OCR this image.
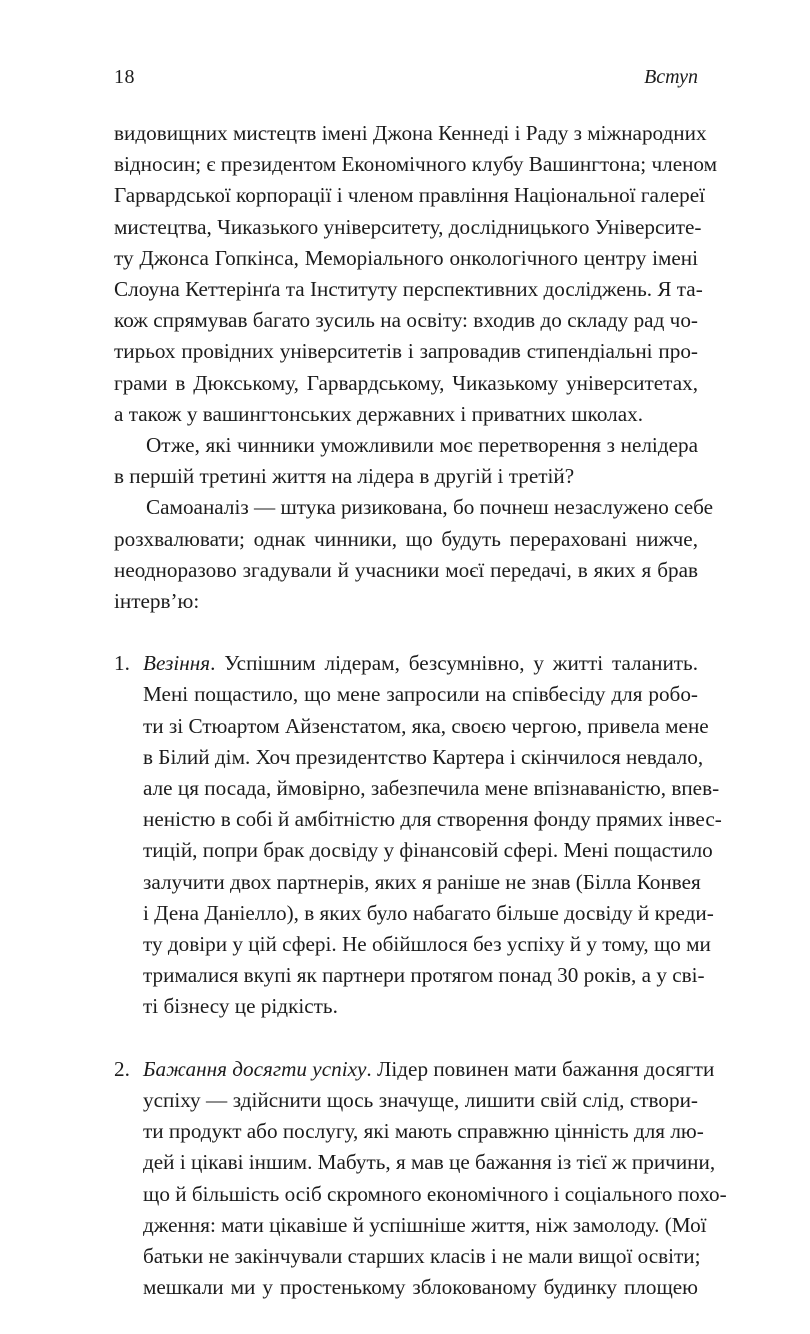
18	Вступ
видовищних мистецтв імені Джона Кеннеді і Раду з міжнародних
відносин; є президентом Економічного клубу Вашингтона; членом
Гарвардської корпорації і членом правління Національної галереї
мистецтва, Чиказького університету, дослідницького Університе-
ту Джонса Гопкінса, Меморіального онкологічного центру імені
Слоуна Кеттерінґа та Інституту перспективних досліджень. Я та-
кож спрямував багато зусиль на освіту: входив до складу рад чо-
тирьох провідних університетів і запровадив стипендіальні про-
грами в Дюкському, Гарвардському, Чиказькому університетах,
а також у вашингтонських державних і приватних школах.
Отже, які чинники уможливили моє перетворення з нелідера
в першій третині життя на лідера в другій і третій?
Самоаналіз — штука ризикована, бо почнеш незаслужено себе
розхвалювати; однак чинники, що будуть перераховані нижче,
неодноразово згадували й учасники моєї передачі, в яких я брав
інтерв’ю:
1. Везіння. Успішним лідерам, безсумнівно, у житті таланить.
Мені пощастило, що мене запросили на співбесіду для робо-
ти зі Стюартом Айзенстатом, яка, своєю чергою, привела мене
в Білий дім. Хоч президентство Картера і скінчилося невдало,
але ця посада, ймовірно, забезпечила мене впізнаваністю, впев-
неністю в собі й амбітністю для створення фонду прямих інвес-
тицій, попри брак досвіду у фінансовій сфері. Мені пощастило
залучити двох партнерів, яких я раніше не знав (Білла Конвея
і Дена Даніелло), в яких було набагато більше досвіду й креди-
ту довіри у цій сфері. Не обійшлося без успіху й у тому, що ми
трималися вкупі як партнери протягом понад 30 років, а у сві-
ті бізнесу це рідкість.
2. Бажання досягти успіху. Лідер повинен мати бажання досягти
успіху — здійснити щось значуще, лишити свій слід, створи-
ти продукт або послугу, які мають справжню цінність для лю-
дей і цікаві іншим. Мабуть, я мав це бажання із тієї ж причини,
що й більшість осіб скромного економічного і соціального похо-
дження: мати цікавіше й успішніше життя, ніж замолоду. (Мої
батьки не закінчували старших класів і не мали вищої освіти;
мешкали ми у простенькому зблокованому будинку площею
